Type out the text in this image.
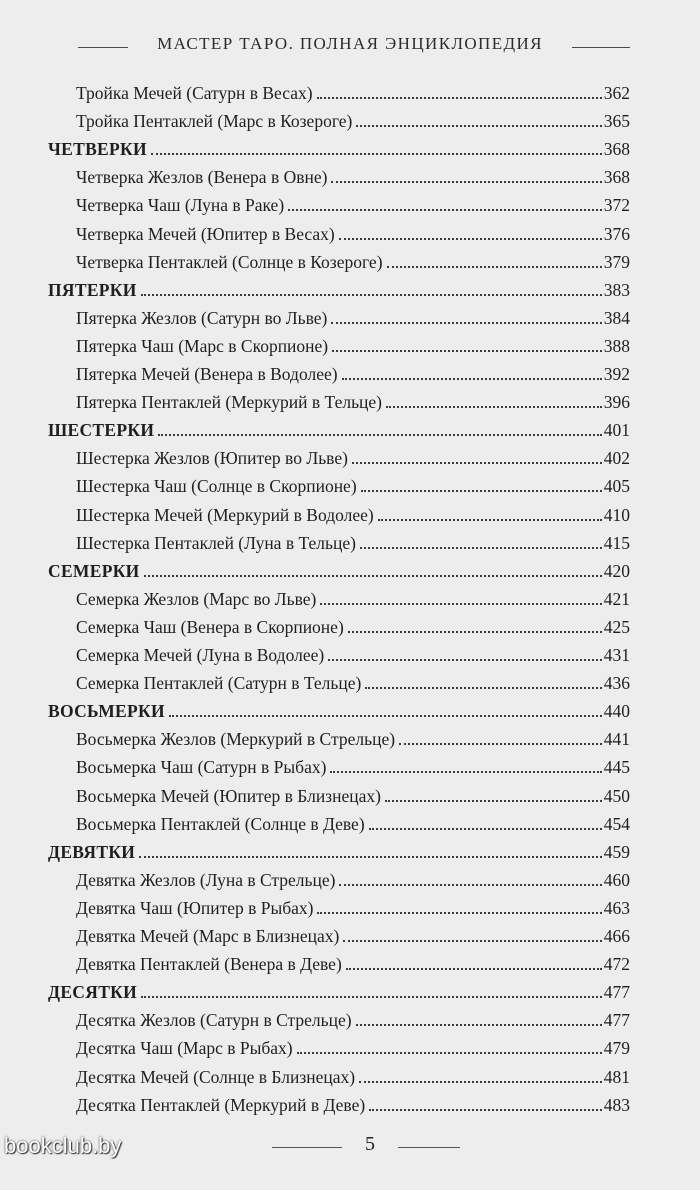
МАСТЕР ТАРО. ПОЛНАЯ ЭНЦИКЛОПЕДИЯ
Тройка Мечей (Сатурн в Весах)	362
Тройка Пентаклей (Марс в Козероге)	365
ЧЕТВЕРКИ	368
Четверка Жезлов (Венера в Овне)	368
Четверка Чаш (Луна в Раке)	372
Четверка Мечей (Юпитер в Весах)	376
Четверка Пентаклей (Солнце в Козероге)	379
ПЯТЕРКИ	383
Пятерка Жезлов (Сатурн во Льве)	384
Пятерка Чаш (Марс в Скорпионе)	388
Пятерка Мечей (Венера в Водолее)	392
Пятерка Пентаклей (Меркурий в Тельце)	396
ШЕСТЕРКИ	401
Шестерка Жезлов (Юпитер во Льве)	402
Шестерка Чаш (Солнце в Скорпионе)	405
Шестерка Мечей (Меркурий в Водолее)	410
Шестерка Пентаклей (Луна в Тельце)	415
СЕМЕРКИ	420
Семерка Жезлов (Марс во Льве)	421
Семерка Чаш (Венера в Скорпионе)	425
Семерка Мечей (Луна в Водолее)	431
Семерка Пентаклей (Сатурн в Тельце)	436
ВОСЬМЕРКИ	440
Восьмерка Жезлов (Меркурий в Стрельце)	441
Восьмерка Чаш (Сатурн в Рыбах)	445
Восьмерка Мечей (Юпитер в Близнецах)	450
Восьмерка Пентаклей (Солнце в Деве)	454
ДЕВЯТКИ	459
Девятка Жезлов (Луна в Стрельце)	460
Девятка Чаш (Юпитер в Рыбах)	463
Девятка Мечей (Марс в Близнецах)	466
Девятка Пентаклей (Венера в Деве)	472
ДЕСЯТКИ	477
Десятка Жезлов (Сатурн в Стрельце)	477
Десятка Чаш (Марс в Рыбах)	479
Десятка Мечей (Солнце в Близнецах)	481
Десятка Пентаклей (Меркурий в Деве)	483
bookclub.by	5
